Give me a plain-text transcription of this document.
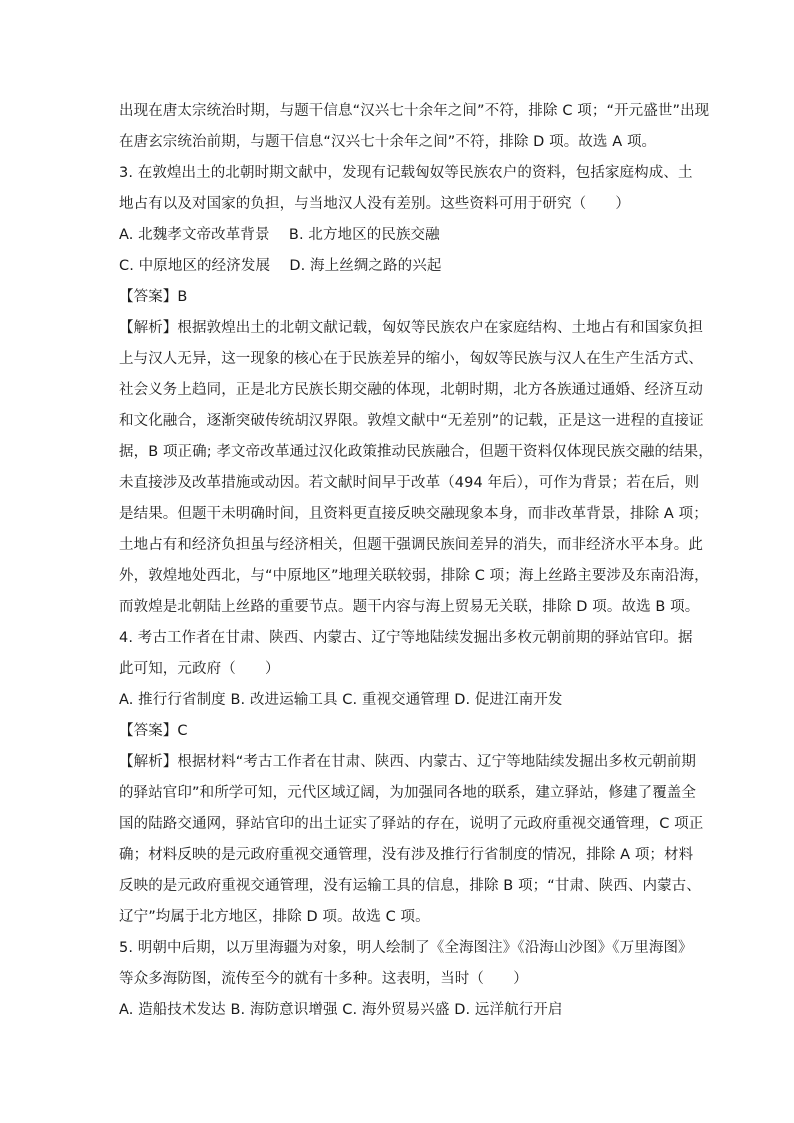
出现在唐太宗统治时期，与题干信息“汉兴七十余年之间”不符，排除 C 项；“开元盛世”出现
在唐玄宗统治前期，与题干信息“汉兴七十余年之间”不符，排除 D 项。故选 A 项。
3. 在敦煌出土的北朝时期文献中，发现有记载匈奴等民族农户的资料，包括家庭构成、土
地占有以及对国家的负担，与当地汉人没有差别。这些资料可用于研究（　　）
A. 北魏孝文帝改革背景　 B. 北方地区的民族交融
C. 中原地区的经济发展　 D. 海上丝绸之路的兴起
【答案】B
【解析】根据敦煌出土的北朝文献记载，匈奴等民族农户在家庭结构、土地占有和国家负担
上与汉人无异，这一现象的核心在于民族差异的缩小，匈奴等民族与汉人在生产生活方式、
社会义务上趋同，正是北方民族长期交融的体现，北朝时期，北方各族通过通婚、经济互动
和文化融合，逐渐突破传统胡汉界限。敦煌文献中“无差别”的记载，正是这一进程的直接证
据，B 项正确; 孝文帝改革通过汉化政策推动民族融合，但题干资料仅体现民族交融的结果，
未直接涉及改革措施或动因。若文献时间早于改革（494 年后），可作为背景；若在后，则
是结果。但题干未明确时间，且资料更直接反映交融现象本身，而非改革背景，排除 A 项；
土地占有和经济负担虽与经济相关，但题干强调民族间差异的消失，而非经济水平本身。此
外，敦煌地处西北，与“中原地区”地理关联较弱，排除 C 项；海上丝路主要涉及东南沿海，
而敦煌是北朝陆上丝路的重要节点。题干内容与海上贸易无关联，排除 D 项。故选 B 项。
4. 考古工作者在甘肃、陕西、内蒙古、辽宁等地陆续发掘出多枚元朝前期的驿站官印。据
此可知，元政府（　　）
A. 推行行省制度 B. 改进运输工具 C. 重视交通管理 D. 促进江南开发
【答案】C
【解析】根据材料“考古工作者在甘肃、陕西、内蒙古、辽宁等地陆续发掘出多枚元朝前期
的驿站官印”和所学可知，元代区域辽阔，为加强同各地的联系，建立驿站，修建了覆盖全
国的陆路交通网，驿站官印的出土证实了驿站的存在，说明了元政府重视交通管理，C 项正
确；材料反映的是元政府重视交通管理，没有涉及推行行省制度的情况，排除 A 项；材料
反映的是元政府重视交通管理，没有运输工具的信息，排除 B 项；“甘肃、陕西、内蒙古、
辽宁”均属于北方地区，排除 D 项。故选 C 项。
5. 明朝中后期，以万里海疆为对象，明人绘制了《全海图注》《沿海山沙图》《万里海图》
等众多海防图，流传至今的就有十多种。这表明，当时（　　）
A. 造船技术发达 B. 海防意识增强 C. 海外贸易兴盛 D. 远洋航行开启
